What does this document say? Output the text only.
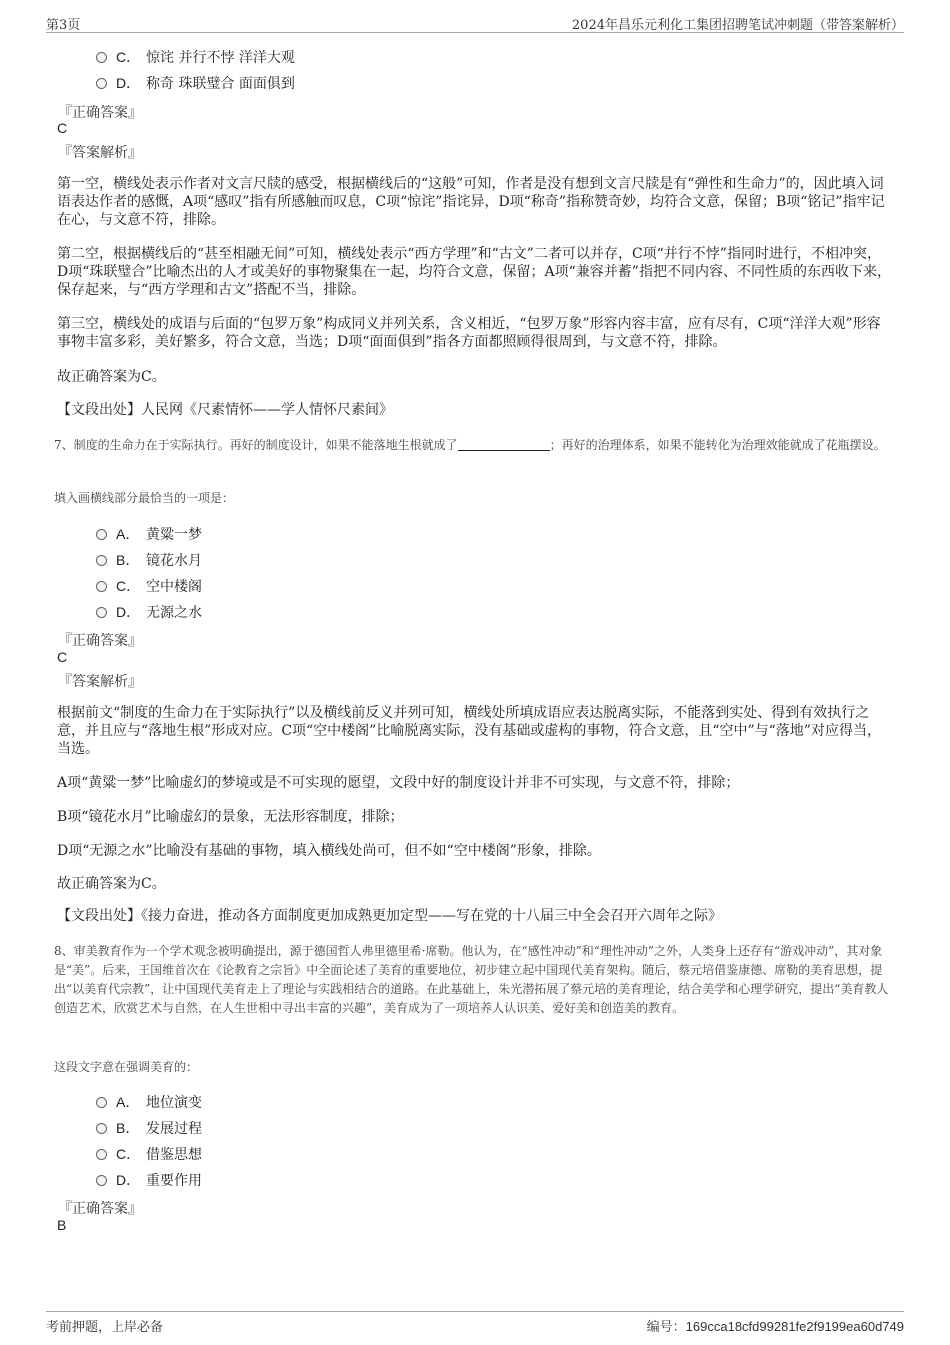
第3页	2024年昌乐元利化工集团招聘笔试冲刺题（带答案解析）
C． 惊诧 并行不悖 洋洋大观
D． 称奇 珠联璧合 面面俱到
『正确答案』
C
『答案解析』
第一空，横线处表示作者对文言尺牍的感受，根据横线后的“这般”可知，作者是没有想到文言尺牍是有“弹性和生命力”的，因此填入词语表达作者的感慨，A项“感叹”指有所感触而叹息，C项“惊诧”指诧异，D项“称奇”指称赞奇妙，均符合文意，保留；B项“铭记”指牢记在心，与文意不符，排除。
第二空，根据横线后的“甚至相融无间”可知，横线处表示“西方学理”和“古文”二者可以并存，C项“并行不悖”指同时进行，不相冲突，D项“珠联璧合”比喻杰出的人才或美好的事物聚集在一起，均符合文意，保留；A项“兼容并蓄”指把不同内容、不同性质的东西收下来，保存起来，与“西方学理和古文”搭配不当，排除。
第三空，横线处的成语与后面的“包罗万象”构成同义并列关系，含义相近，“包罗万象”形容内容丰富，应有尽有，C项“洋洋大观”形容事物丰富多彩，美好繁多，符合文意，当选；D项“面面俱到”指各方面都照顾得很周到，与文意不符，排除。
故正确答案为C。
【文段出处】人民网《尺素情怀——学人情怀尺素间》
7、制度的生命力在于实际执行。再好的制度设计，如果不能落地生根就成了	；再好的治理体系，如果不能转化为治理效能就成了花瓶摆设。
填入画横线部分最恰当的一项是：
A． 黄粱一梦
B． 镜花水月
C． 空中楼阁
D． 无源之水
『正确答案』
C
『答案解析』
根据前文“制度的生命力在于实际执行”以及横线前反义并列可知，横线处所填成语应表达脱离实际，不能落到实处、得到有效执行之意，并且应与“落地生根”形成对应。C项“空中楼阁”比喻脱离实际，没有基础或虚构的事物，符合文意，且“空中”与“落地”对应得当，当选。
A项“黄粱一梦”比喻虚幻的梦境或是不可实现的愿望，文段中好的制度设计并非不可实现，与文意不符，排除；
B项“镜花水月”比喻虚幻的景象，无法形容制度，排除；
D项“无源之水”比喻没有基础的事物，填入横线处尚可，但不如“空中楼阁”形象，排除。
故正确答案为C。
【文段出处】《接力奋进，推动各方面制度更加成熟更加定型——写在党的十八届三中全会召开六周年之际》
8、审美教育作为一个学术观念被明确提出，源于德国哲人弗里德里希·席勒。他认为，在“感性冲动”和“理性冲动”之外，人类身上还存有“游戏冲动”，其对象是“美”。后来，王国维首次在《论教育之宗旨》中全面论述了美育的重要地位，初步建立起中国现代美育架构。随后，蔡元培借鉴康德、席勒的美育思想，提出“以美育代宗教”，让中国现代美育走上了理论与实践相结合的道路。在此基础上，朱光潜拓展了蔡元培的美育理论，结合美学和心理学研究，提出“美育教人创造艺术，欣赏艺术与自然，在人生世相中寻出丰富的兴趣”，美育成为了一项培养人认识美、爱好美和创造美的教育。
这段文字意在强调美育的：
A． 地位演变
B． 发展过程
C． 借鉴思想
D． 重要作用
『正确答案』
B
考前押题，上岸必备	编号：169cca18cfd99281fe2f9199ea60d749
